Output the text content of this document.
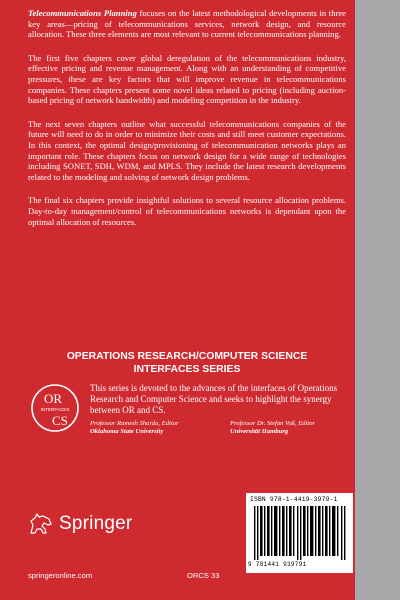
Telecommunications Planning focuses on the latest methodological developments in three key areas—pricing of telecommunications services, network design, and resource allocation. These three elements are most relevant to current telecommunications planning.

The first five chapters cover global deregulation of the telecommunications industry, effective pricing and revenue management. Along with an understanding of competitive pressures, these are key factors that will improve revenue in telecommunications companies. These chapters present some novel ideas related to pricing (including auction-based pricing of network bandwidth) and modeling competition in the industry.

The next seven chapters outline what successful telecommunications companies of the future will need to do in order to minimize their costs and still meet customer expectations. In this context, the optimal design/provisioning of telecommunication networks plays an important role. These chapters focus on network design for a wide range of technologies including SONET, SDH, WDM, and MPLS. They include the latest research developments related to the modeling and solving of network design problems.

The final six chapters provide insightful solutions to several resource allocation problems. Day-to-day management/control of telecommunications networks is dependant upon the optimal allocation of resources.

OPERATIONS RESEARCH/COMPUTER SCIENCE
INTERFACES SERIES
OR
INTERFACES
CS

This series is devoted to the advances of the interfaces of Operations Research and Computer Science and seeks to highlight the synergy between OR and CS.

Professor Ramesh Sharda, Editor
Oklahoma State University
Professor Dr. Stefan Voß, Editor
Universität Hamburg
Springer
ISBN 978-1-4419-3979-1
9 781441 939791
springeronline.com	ORCS 33
